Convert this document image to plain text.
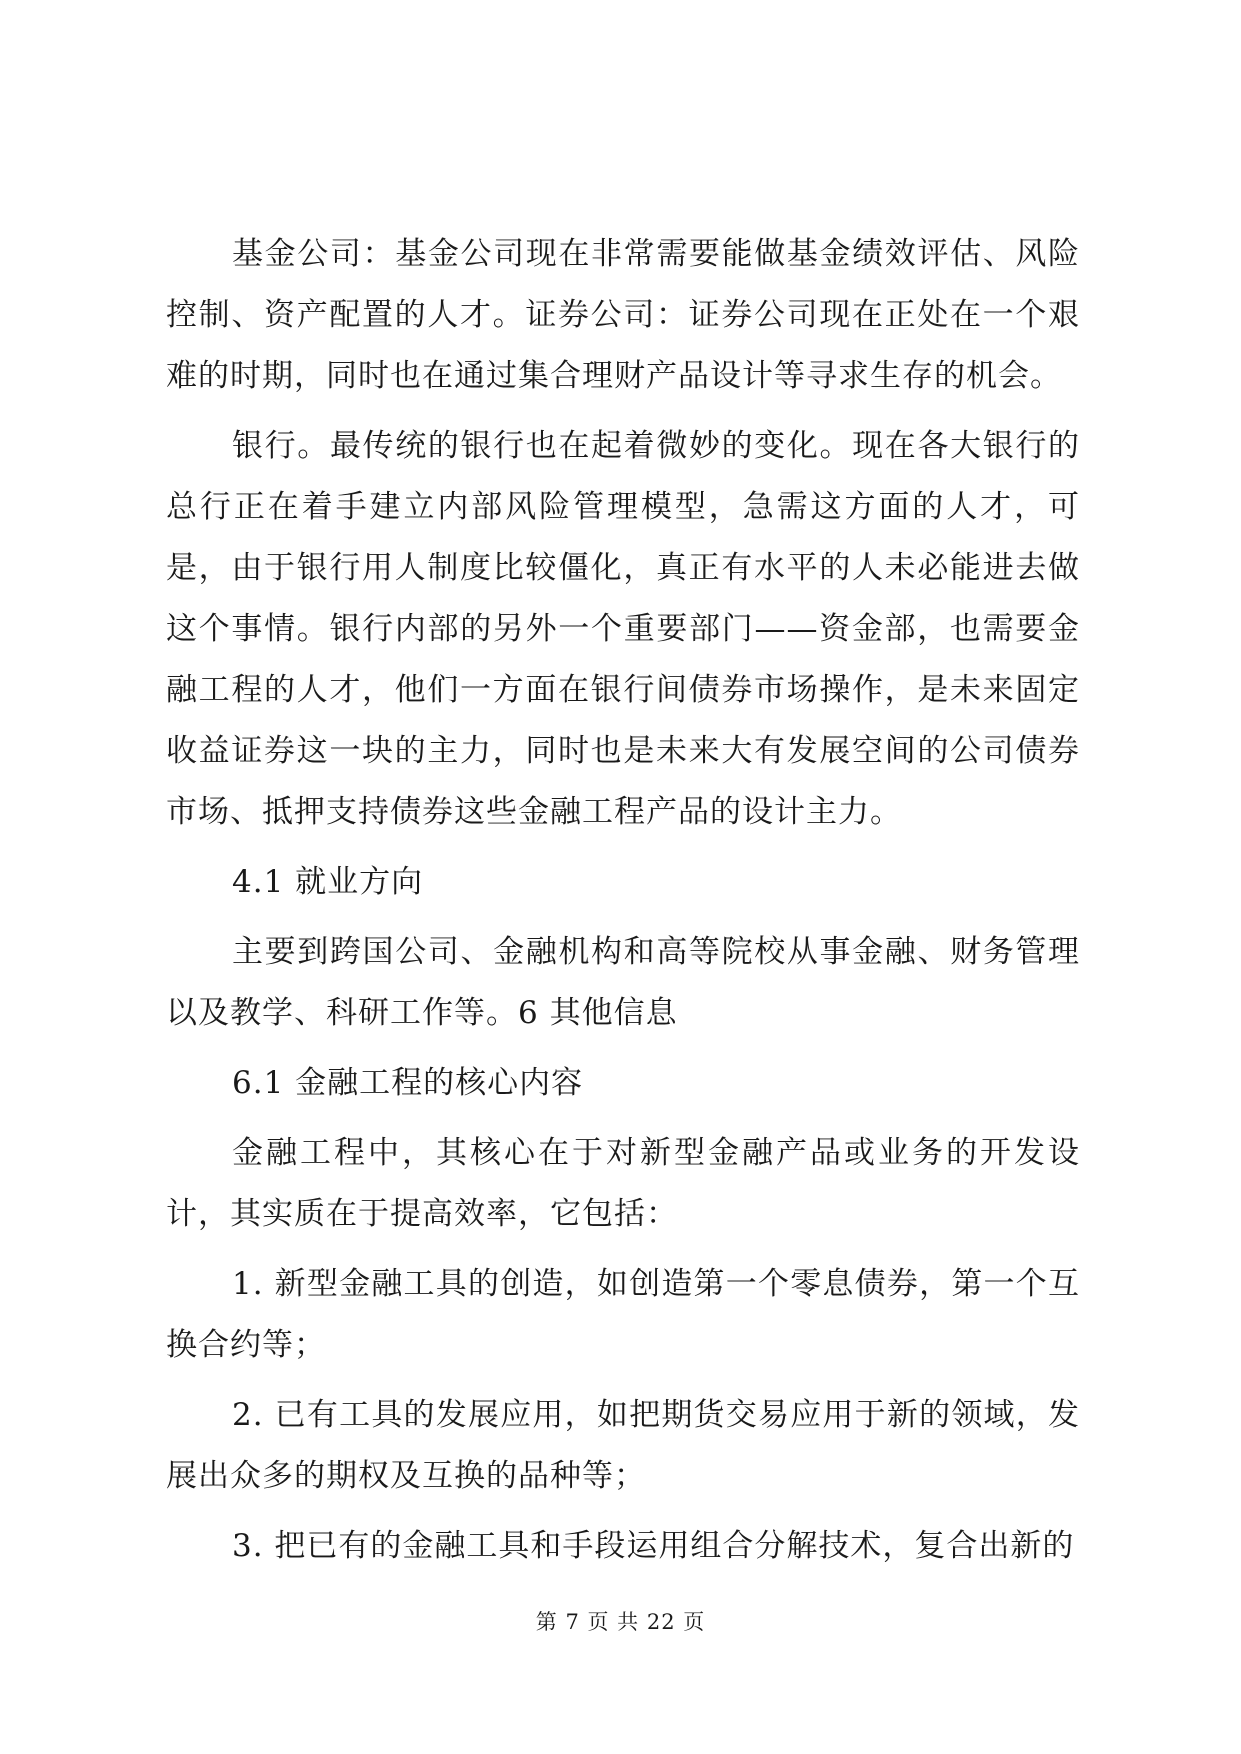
基金公司：基金公司现在非常需要能做基金绩效评估、风险控制、资产配置的人才。证券公司：证券公司现在正处在一个艰难的时期，同时也在通过集合理财产品设计等寻求生存的机会。

银行。最传统的银行也在起着微妙的变化。现在各大银行的总行正在着手建立内部风险管理模型，急需这方面的人才，可是，由于银行用人制度比较僵化，真正有水平的人未必能进去做这个事情。银行内部的另外一个重要部门——资金部，也需要金融工程的人才，他们一方面在银行间债券市场操作，是未来固定收益证券这一块的主力，同时也是未来大有发展空间的公司债券市场、抵押支持债券这些金融工程产品的设计主力。

4.1 就业方向

主要到跨国公司、金融机构和高等院校从事金融、财务管理以及教学、科研工作等。6 其他信息

6.1 金融工程的核心内容

金融工程中，其核心在于对新型金融产品或业务的开发设计，其实质在于提高效率，它包括：

1. 新型金融工具的创造，如创造第一个零息债券，第一个互换合约等；

2. 已有工具的发展应用，如把期货交易应用于新的领域，发展出众多的期权及互换的品种等；

3. 把已有的金融工具和手段运用组合分解技术，复合出新的

第 7 页 共 22 页
